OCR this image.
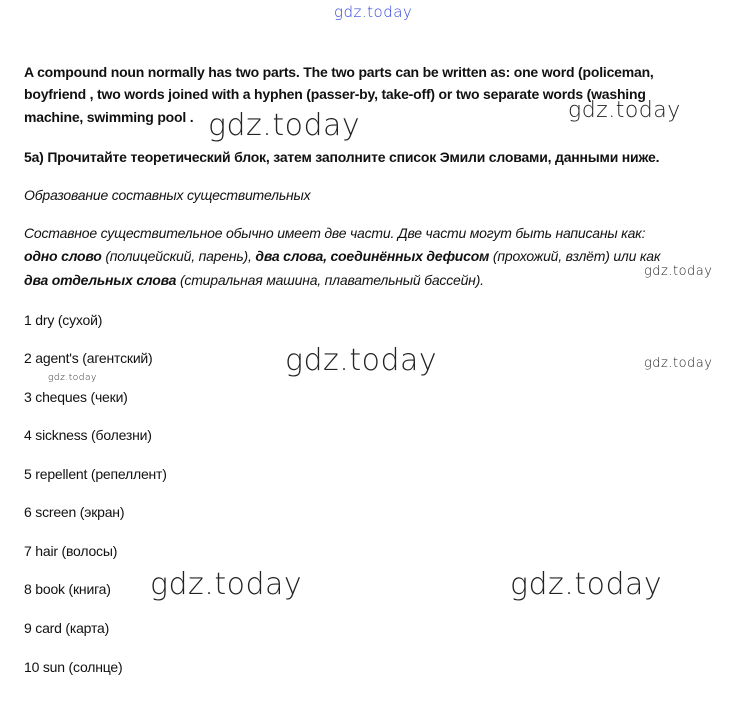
gdz.today
A compound noun normally has two parts. The two parts can be written as: one word (policeman,
boyfriend , two words joined with a hyphen (passer-by, take-off) or two separate words (washing
machine, swimming pool . gdz.today	gdz.today
5a) Прочитайте теоретический блок, затем заполните список Эмили словами, данными ниже.
Образование составных существительных
Составное существительное обычно имеет две части. Две части могут быть написаны как:
одно слово (полицейский, парень), два слова, соединённых дефисом (прохожий, взлёт) или как
два отдельных слова (стиральная машина, плавательный бассейн).
gdz.today
1 dry (сухой)
2 agent's (агентский)
gdz.today	gdz.today	gdz.today
3 cheques (чеки)
4 sickness (болезни)
5 repellent (репеллент)
6 screen (экран)
7 hair (волосы)
8 book (книга) gdz.today	gdz.today
9 card (карта)
10 sun (солнце)
